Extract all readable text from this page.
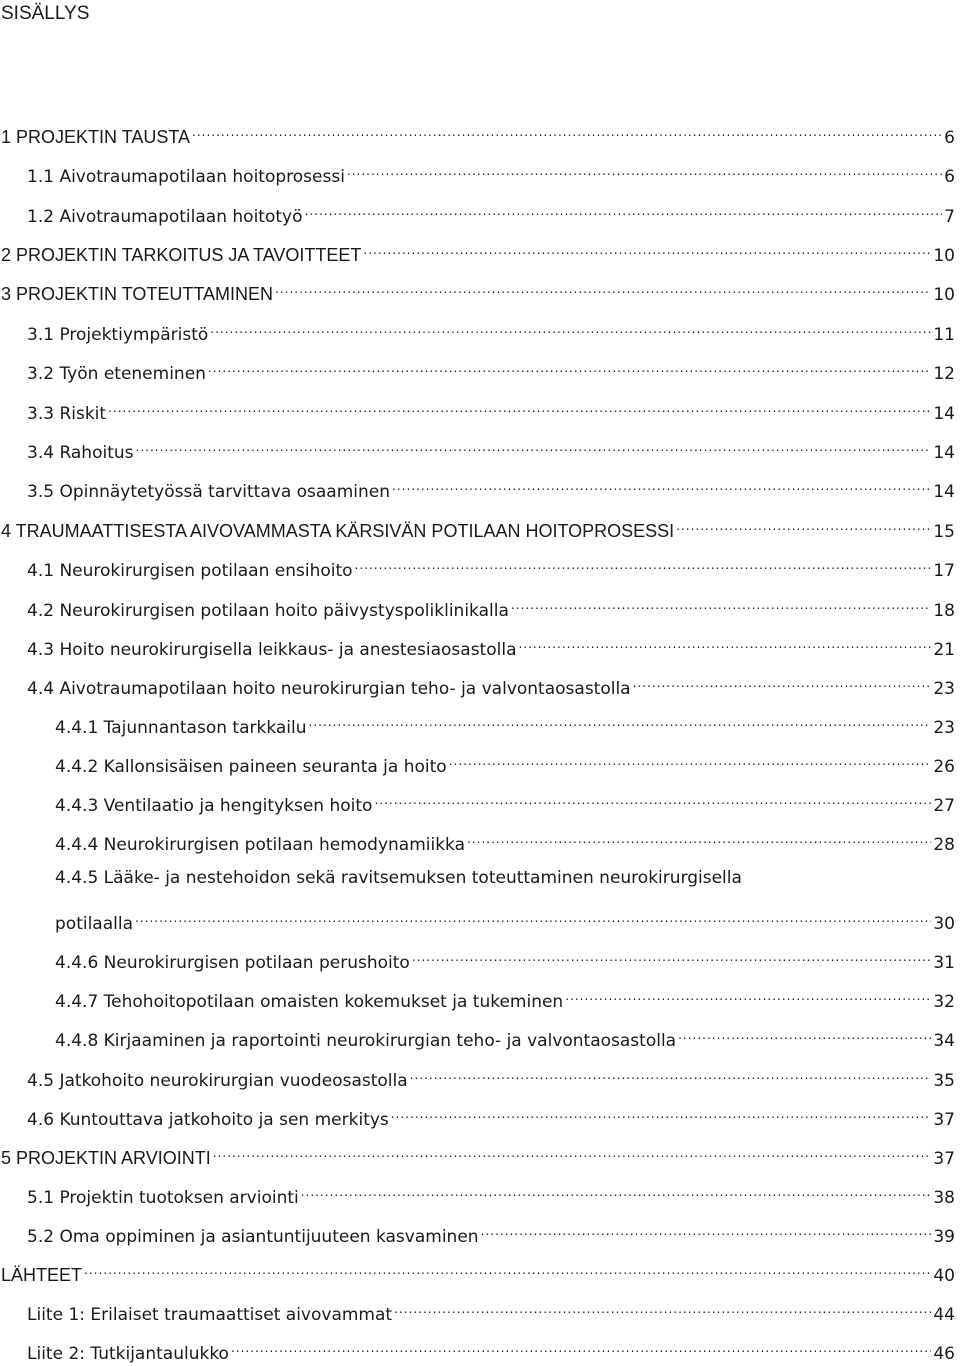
SISÄLLYS
1 PROJEKTIN TAUSTA .....	6
1.1 Aivotraumapotilaan hoitoprosessi .....	6
1.2 Aivotraumapotilaan hoitotyö .....	7
2 PROJEKTIN TARKOITUS JA TAVOITTEET .....	10
3 PROJEKTIN TOTEUTTAMINEN .....	10
3.1 Projektiympäristö .....	11
3.2 Työn eteneminen .....	12
3.3 Riskit .....	14
3.4 Rahoitus .....	14
3.5 Opinnäytetyössä tarvittava osaaminen .....	14
4 TRAUMAATTISESTA AIVOVAMMASTA KÄRSIVÄN POTILAAN HOITOPROSESSI .....	15
4.1 Neurokirurgisen potilaan ensihoito .....	17
4.2 Neurokirurgisen potilaan hoito päivystyspoliklinikalla .....	18
4.3 Hoito neurokirurgisella leikkaus- ja anestesiaosastolla .....	21
4.4 Aivotraumapotilaan hoito neurokirurgian teho- ja valvontaosastolla .....	23
4.4.1 Tajunnantason tarkkailu .....	23
4.4.2 Kallonsisäisen paineen seuranta ja hoito .....	26
4.4.3 Ventilaatio ja hengityksen hoito .....	27
4.4.4 Neurokirurgisen potilaan hemodynamiikka .....	28
4.4.5 Lääke- ja nestehoidon sekä ravitsemuksen toteuttaminen neurokirurgisella
potilaalla .....	30
4.4.6 Neurokirurgisen potilaan perushoito .....	31
4.4.7 Tehohoitopotilaan omaisten kokemukset ja tukeminen .....	32
4.4.8 Kirjaaminen ja raportointi neurokirurgian teho- ja valvontaosastolla .....	34
4.5 Jatkohoito neurokirurgian vuodeosastolla .....	35
4.6 Kuntouttava jatkohoito ja sen merkitys .....	37
5 PROJEKTIN ARVIOINTI .....	37
5.1 Projektin tuotoksen arviointi .....	38
5.2 Oma oppiminen ja asiantuntijuuteen kasvaminen .....	39
LÄHTEET .....	40
Liite 1: Erilaiset traumaattiset aivovammat .....	44
Liite 2: Tutkijantaulukko .....	46
